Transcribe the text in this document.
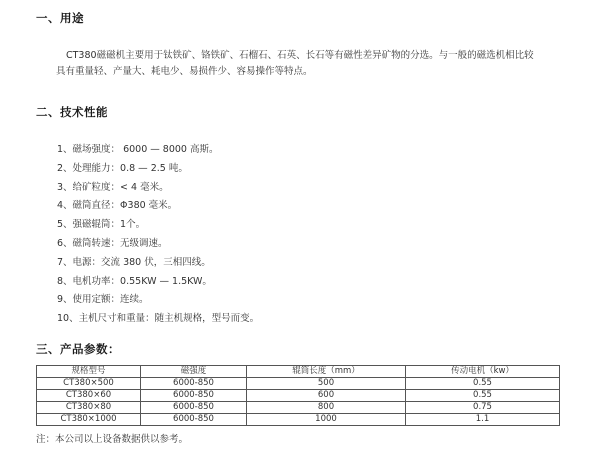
一、用途
CT380磁磁机主要用于钛铁矿、铬铁矿、石榴石、石英、长石等有磁性差异矿物的分选。与一般的磁选机相比较
具有重量轻、产量大、耗电少、易损件少、容易操作等特点。
二、技术性能
1、磁场强度： 6000 — 8000 高斯。
2、处理能力：0.8 — 2.5 吨。
3、给矿粒度：< 4 毫米。
4、磁筒直径：Φ380 毫米。
5、强磁辊筒：1个。
6、磁筒转速：无级调速。
7、电源：交流 380 伏，三相四线。
8、电机功率：0.55KW — 1.5KW。
9、使用定额：连续。
10、主机尺寸和重量：随主机规格，型号而变。
三、产品参数：
规格型号	磁强度	辊筒长度（mm）	传动电机（kw）
CT380×500	6000-850	500	0.55
CT380×60	6000-850	600	0.55
CT380×80	6000-850	800	0.75
CT380×1000	6000-850	1000	1.1
注：本公司以上设备数据供以参考。
